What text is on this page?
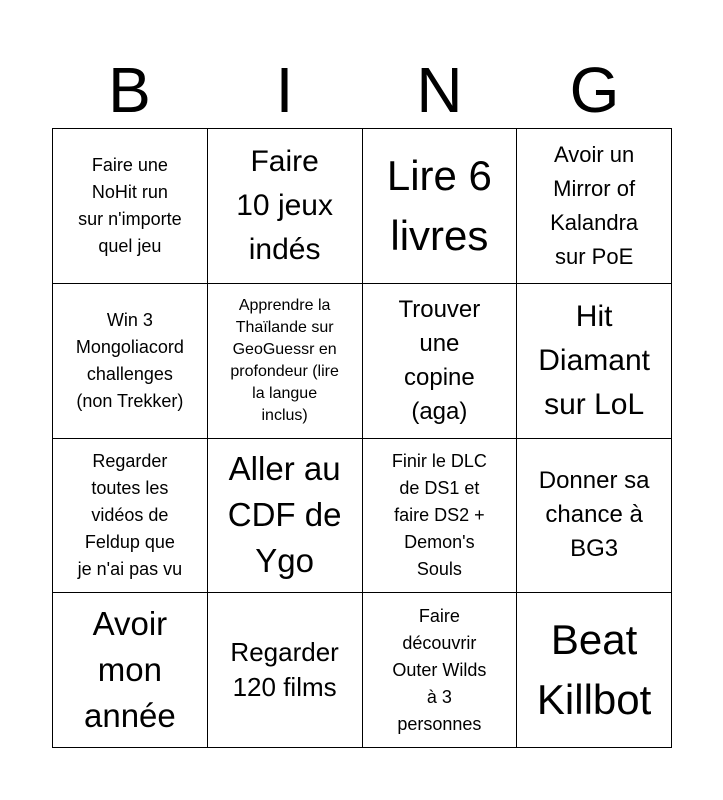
B	I	N	G
Faire une
NoHit run
sur n'importe
quel jeu
Faire
10 jeux
indés
Lire 6
livres
Avoir un
Mirror of
Kalandra
sur PoE
Win 3
Mongoliacord
challenges
(non Trekker)
Apprendre la
Thaïlande sur
GeoGuessr en
profondeur (lire
la langue
inclus)
Trouver
une
copine
(aga)
Hit
Diamant
sur LoL
Regarder
toutes les
vidéos de
Feldup que
je n'ai pas vu
Aller au
CDF de
Ygo
Finir le DLC
de DS1 et
faire DS2 +
Demon's
Souls
Donner sa
chance à
BG3
Avoir
mon
année
Regarder
120 films
Faire
découvrir
Outer Wilds
à 3
personnes
Beat
Killbot
